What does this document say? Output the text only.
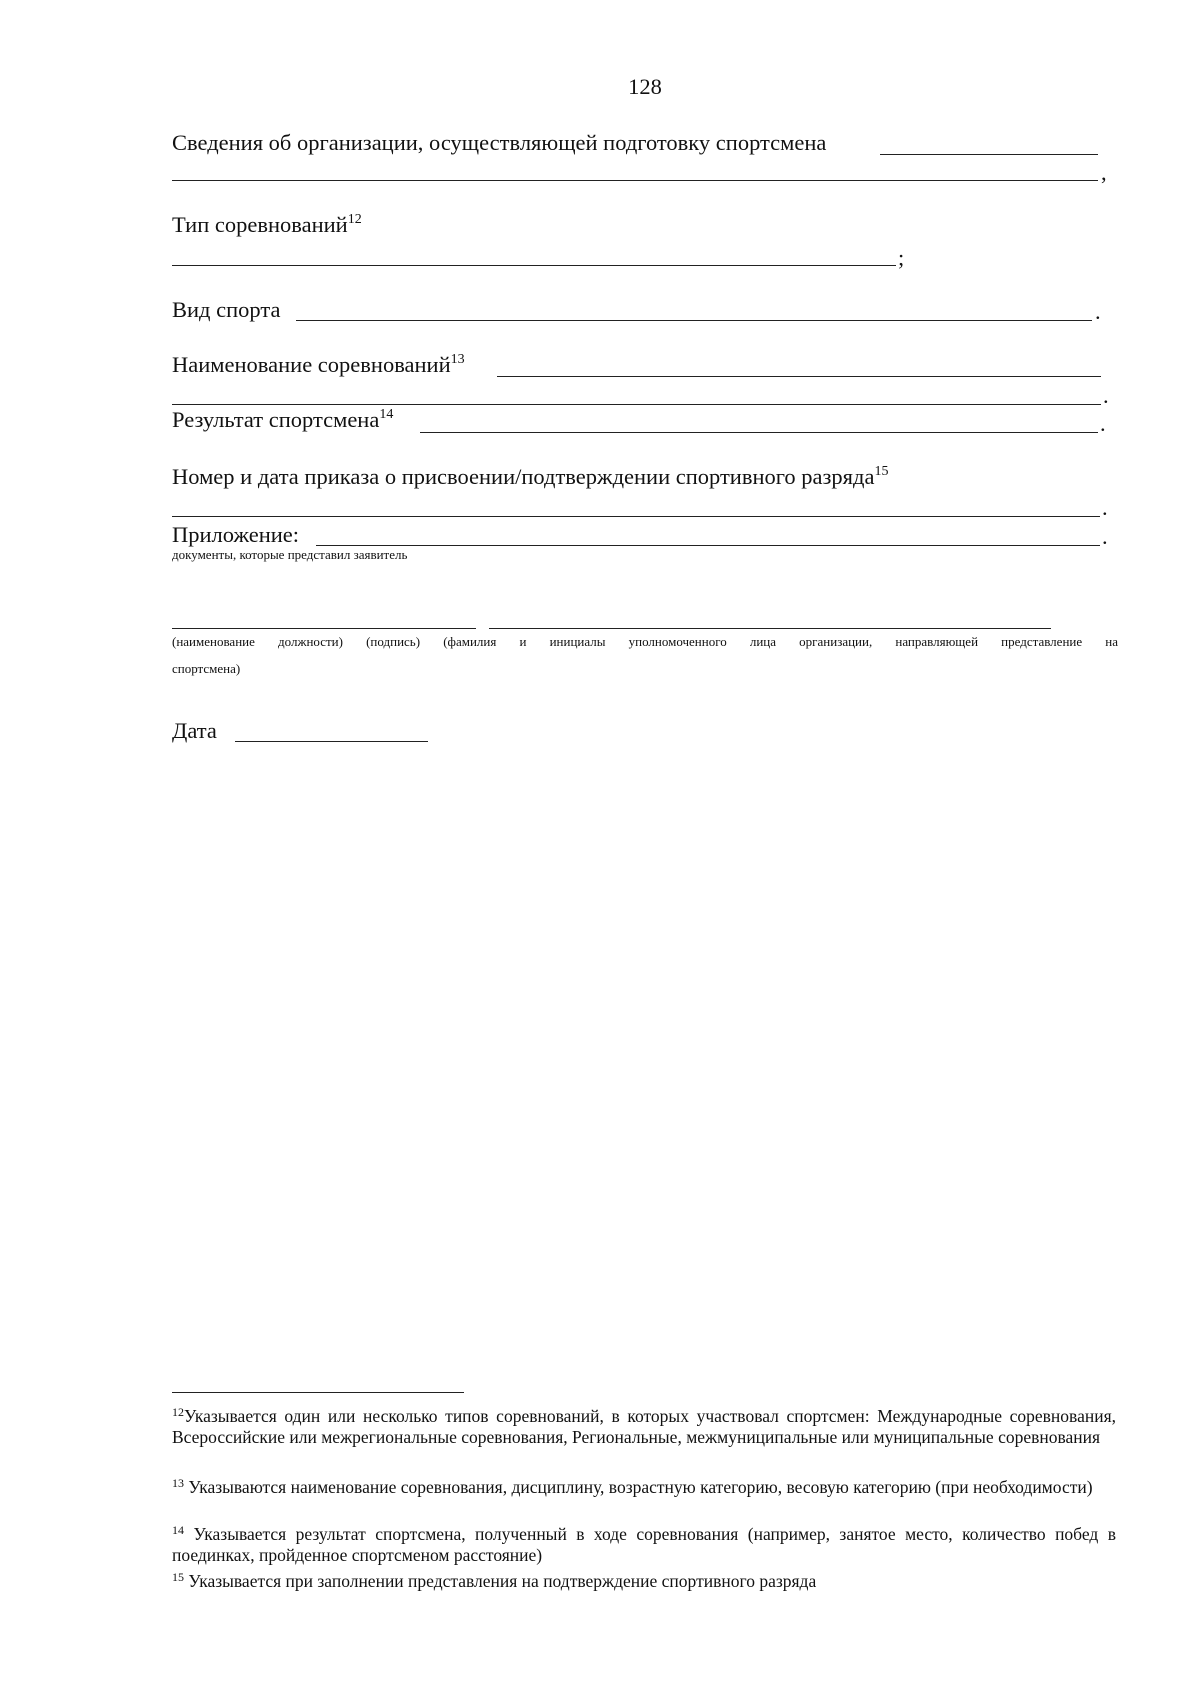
128
Сведения об организации, осуществляющей подготовку спортсмена
,
Тип соревнований$^{12}$
;
Вид спорта	.
Наименование соревнований$^{13}$
.
Результат спортсмена$^{14}$	.
Номер и дата приказа о присвоении/подтверждении спортивного разряда$^{15}$
.
Приложение:	.
документы, которые представил заявитель
(наименование должности) (подпись) (фамилия и инициалы уполномоченного лица организации, направляющей представление на
спортсмена)
Дата
$^{12}$Указывается один или несколько типов соревнований, в которых участвовал спортсмен: Международные соревнования, Всероссийские или межрегиональные соревнования, Региональные, межмуниципальные или муниципальные соревнования
$^{13}$ Указываются наименование соревнования, дисциплину, возрастную категорию, весовую категорию (при необходимости)
$^{14}$ Указывается результат спортсмена, полученный в ходе соревнования (например, занятое место, количество побед в поединках, пройденное спортсменом расстояние)
$^{15}$ Указывается при заполнении представления на подтверждение спортивного разряда
